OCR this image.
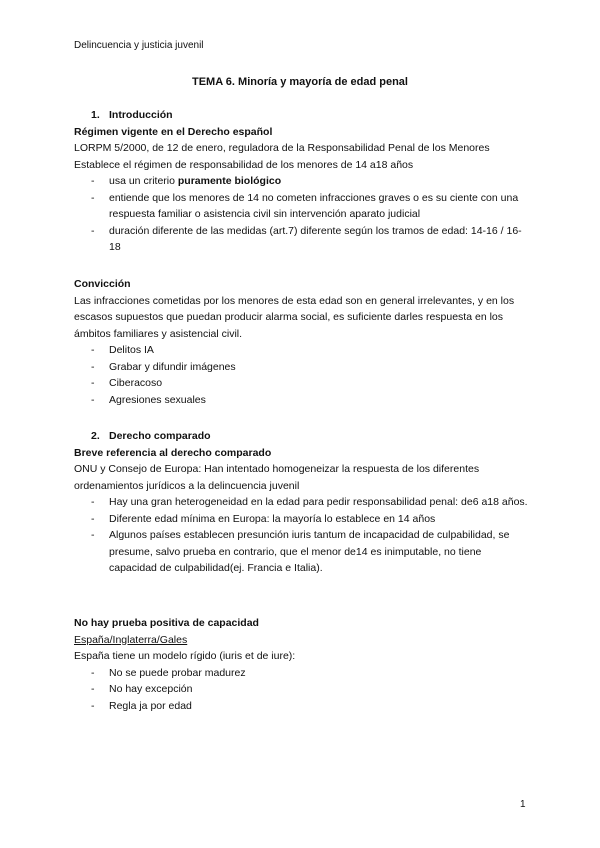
Delincuencia y justicia juvenil
TEMA 6. Minoría y mayoría de edad penal

1. Introducción

Régimen vigente en el Derecho español

LORPM 5/2000, de 12 de enero, reguladora de la Responsabilidad Penal de los Menores

Establece el régimen de responsabilidad de los menores de 14 a18 años

- usa un criterio puramente biológico
- entiende que los menores de 14 no cometen infracciones graves o es su ciente con una respuesta familiar o asistencia civil sin intervención aparato judicial
- duración diferente de las medidas (art.7) diferente según los tramos de edad: 14-16 / 16-18

Convicción

Las infracciones cometidas por los menores de esta edad son en general irrelevantes, y en los escasos supuestos que puedan producir alarma social, es suficiente darles respuesta en los ámbitos familiares y asistencial civil.

- Delitos IA
- Grabar y difundir imágenes
- Ciberacoso
- Agresiones sexuales

2. Derecho comparado

Breve referencia al derecho comparado

ONU y Consejo de Europa: Han intentado homogeneizar la respuesta de los diferentes ordenamientos jurídicos a la delincuencia juvenil

- Hay una gran heterogeneidad en la edad para pedir responsabilidad penal: de6 a18 años.
- Diferente edad mínima en Europa: la mayoría lo establece en 14 años
- Algunos países establecen presunción iuris tantum de incapacidad de culpabilidad, se presume, salvo prueba en contrario, que el menor de14 es inimputable, no tiene capacidad de culpabilidad(ej. Francia e Italia).

No hay prueba positiva de capacidad

España/Inglaterra/Gales

España tiene un modelo rígido (iuris et de iure):

- No se puede probar madurez
- No hay excepción
- Regla ja por edad
1
